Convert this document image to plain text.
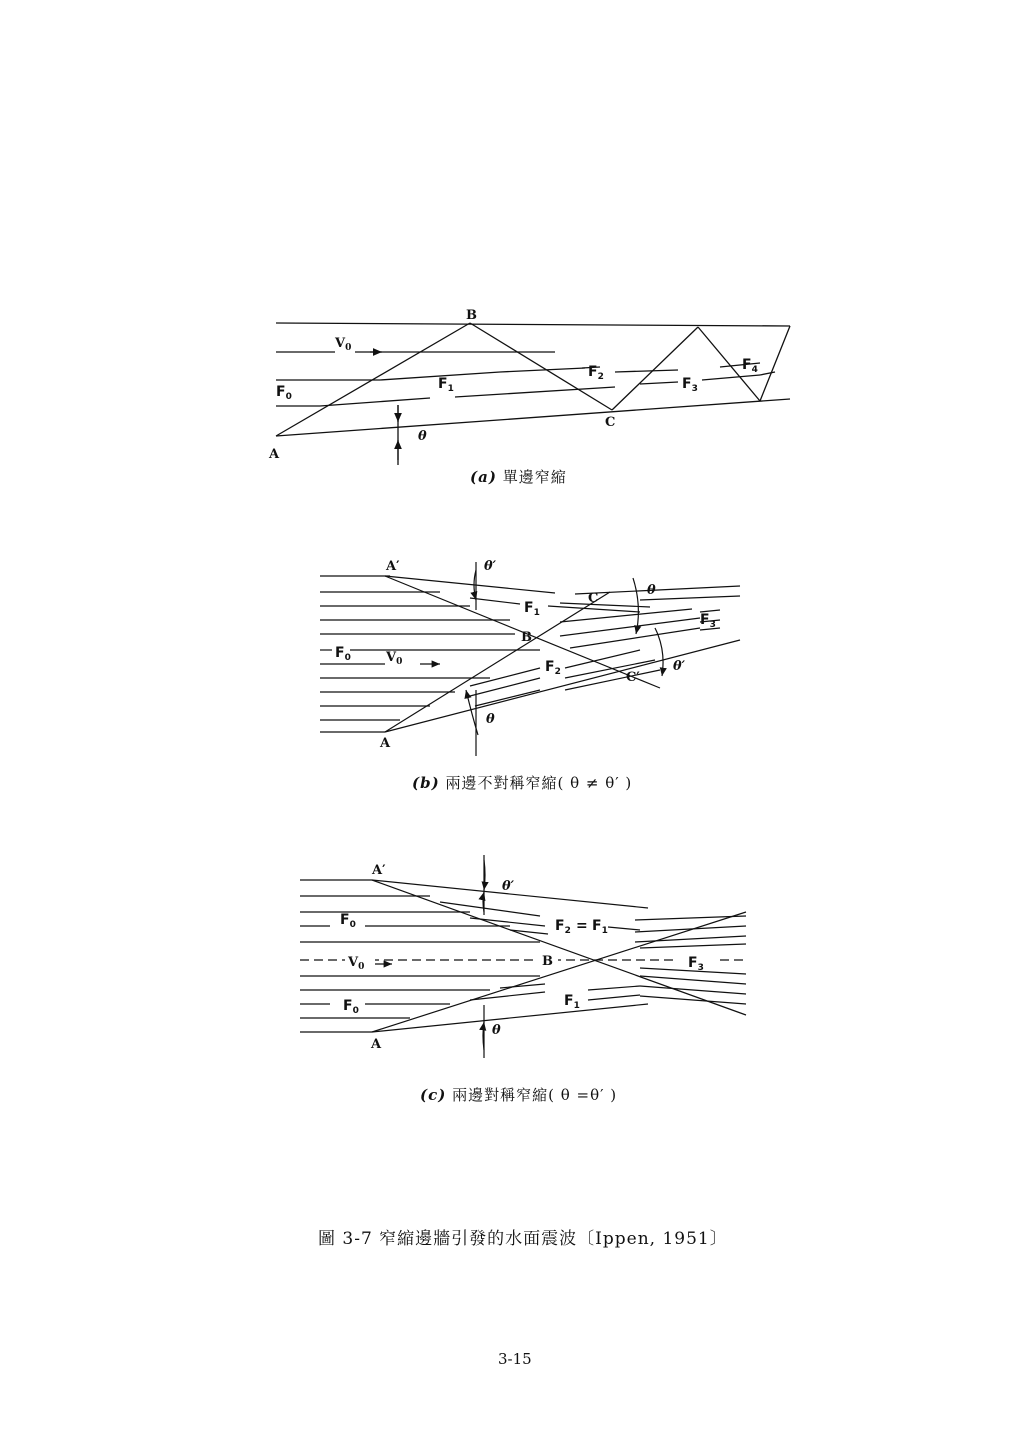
B
A
C
θ
$V_0$
$F_0$
$F_1$
$F_2$	$F_3$
$F_4$
(a) 單邊窄縮
A′	θ′
C
θ
B
C′
θ′
A
θ
$V_0$
$F_0$
$F_1$
$F_2$
$F_3$
(b) 兩邊不對稱窄縮( θ ≠ θ′ )
A′
θ′
B
A
θ
$V_0$
$F_0$	$F_2 = F_1$
$F_3$
$F_0$
$F_1$
(c) 兩邊對稱窄縮( θ =θ′ )
圖 3-7 窄縮邊牆引發的水面震波〔Ippen, 1951〕
3-15
